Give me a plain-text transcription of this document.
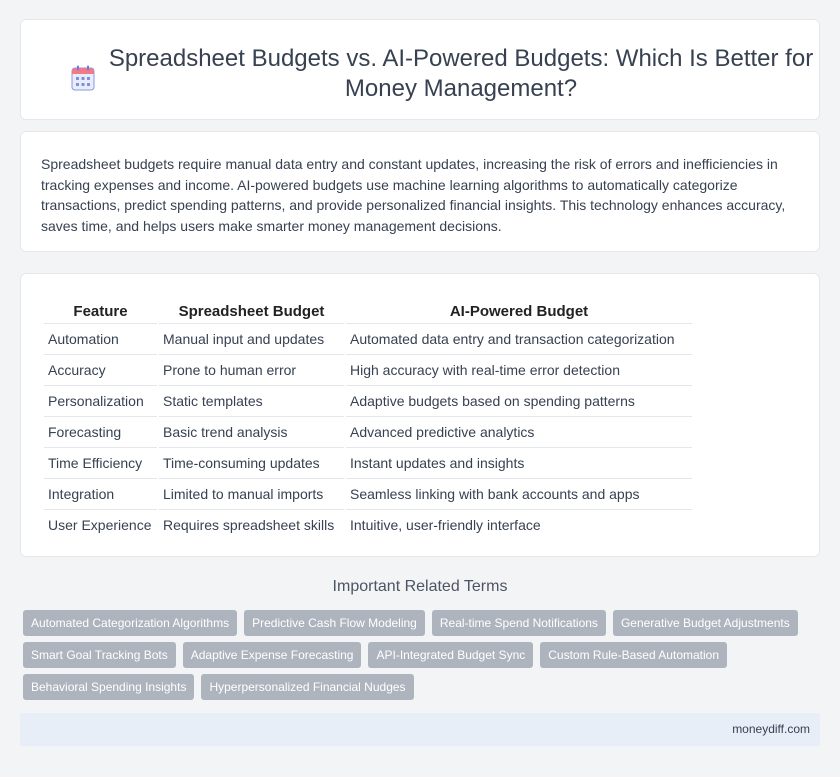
Spreadsheet Budgets vs. AI-Powered Budgets: Which Is Better for Money Management?

Spreadsheet budgets require manual data entry and constant updates, increasing the risk of errors and inefficiencies in tracking expenses and income. AI-powered budgets use machine learning algorithms to automatically categorize transactions, predict spending patterns, and provide personalized financial insights. This technology enhances accuracy, saves time, and helps users make smarter money management decisions.

Feature	Spreadsheet Budget	AI-Powered Budget
Automation	Manual input and updates	Automated data entry and transaction categorization
Accuracy	Prone to human error	High accuracy with real-time error detection
Personalization	Static templates	Adaptive budgets based on spending patterns
Forecasting	Basic trend analysis	Advanced predictive analytics
Time Efficiency	Time-consuming updates	Instant updates and insights
Integration	Limited to manual imports	Seamless linking with bank accounts and apps
User Experience	Requires spreadsheet skills	Intuitive, user-friendly interface
Important Related Terms
Automated Categorization Algorithms	Predictive Cash Flow Modeling	Real-time Spend Notifications	Generative Budget Adjustments
Smart Goal Tracking Bots	Adaptive Expense Forecasting	API-Integrated Budget Sync	Custom Rule-Based Automation
Behavioral Spending Insights	Hyperpersonalized Financial Nudges
moneydiff.com
